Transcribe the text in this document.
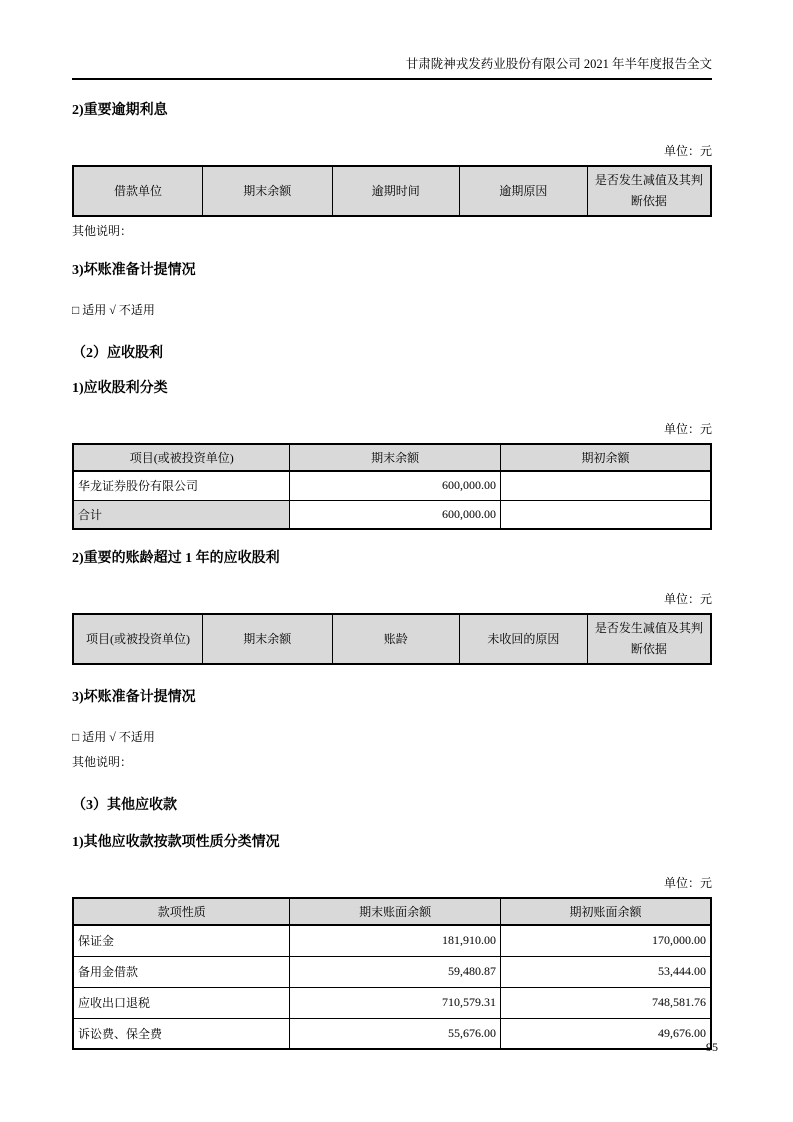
甘肃陇神戎发药业股份有限公司 2021 年半年度报告全文
2)重要逾期利息
单位：元
借款单位	期末余额	逾期时间	逾期原因	是否发生减值及其判断依据
其他说明：
3)坏账准备计提情况
□ 适用 √ 不适用
（2）应收股利
1)应收股利分类
单位：元
项目(或被投资单位)	期末余额	期初余额
华龙证券股份有限公司	600,000.00	
合计	600,000.00	
2)重要的账龄超过 1 年的应收股利
单位：元
项目(或被投资单位)	期末余额	账龄	未收回的原因	是否发生减值及其判断依据
3)坏账准备计提情况
□ 适用 √ 不适用
其他说明：
（3）其他应收款
1)其他应收款按款项性质分类情况
单位：元
款项性质	期末账面余额	期初账面余额
保证金	181,910.00	170,000.00
备用金借款	59,480.87	53,444.00
应收出口退税	710,579.31	748,581.76
诉讼费、保全费	55,676.00	49,676.00
95
